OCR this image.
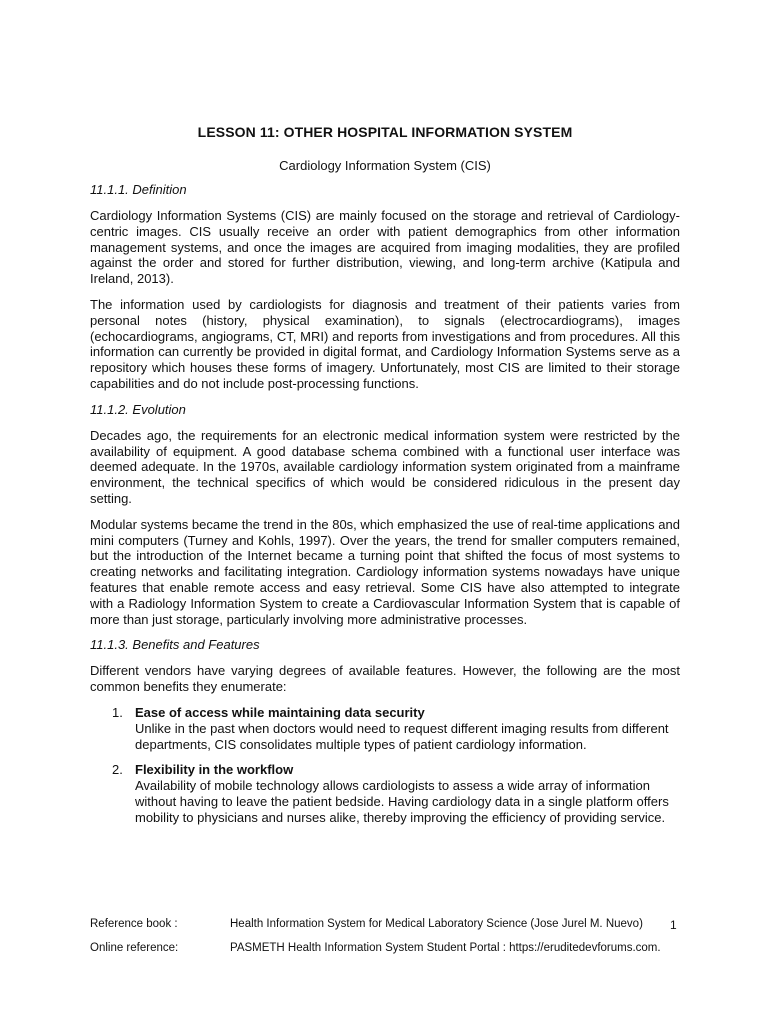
LESSON 11: OTHER HOSPITAL INFORMATION SYSTEM
Cardiology Information System (CIS)
11.1.1. Definition

Cardiology Information Systems (CIS) are mainly focused on the storage and retrieval of Cardiology-centric images. CIS usually receive an order with patient demographics from other information management systems, and once the images are acquired from imaging modalities, they are profiled against the order and stored for further distribution, viewing, and long-term archive (Katipula and Ireland, 2013).

The information used by cardiologists for diagnosis and treatment of their patients varies from personal notes (history, physical examination), to signals (electrocardiograms), images (echocardiograms, angiograms, CT, MRI) and reports from investigations and from procedures. All this information can currently be provided in digital format, and Cardiology Information Systems serve as a repository which houses these forms of imagery. Unfortunately, most CIS are limited to their storage capabilities and do not include post-processing functions.

11.1.2. Evolution

Decades ago, the requirements for an electronic medical information system were restricted by the availability of equipment. A good database schema combined with a functional user interface was deemed adequate. In the 1970s, available cardiology information system originated from a mainframe environment, the technical specifics of which would be considered ridiculous in the present day setting.

Modular systems became the trend in the 80s, which emphasized the use of real-time applications and mini computers (Turney and Kohls, 1997). Over the years, the trend for smaller computers remained, but the introduction of the Internet became a turning point that shifted the focus of most systems to creating networks and facilitating integration. Cardiology information systems nowadays have unique features that enable remote access and easy retrieval. Some CIS have also attempted to integrate with a Radiology Information System to create a Cardiovascular Information System that is capable of more than just storage, particularly involving more administrative processes.

11.1.3. Benefits and Features

Different vendors have varying degrees of available features. However, the following are the most common benefits they enumerate:

1. Ease of access while maintaining data security
Unlike in the past when doctors would need to request different imaging results from different departments, CIS consolidates multiple types of patient cardiology information.
2. Flexibility in the workflow
Availability of mobile technology allows cardiologists to assess a wide array of information without having to leave the patient bedside. Having cardiology data in a single platform offers mobility to physicians and nurses alike, thereby improving the efficiency of providing service.
Reference book :	Health Information System for Medical Laboratory Science (Jose Jurel M. Nuevo)
Online reference:	PASMETH Health Information System Student Portal : https://eruditedevforums.com.
1
